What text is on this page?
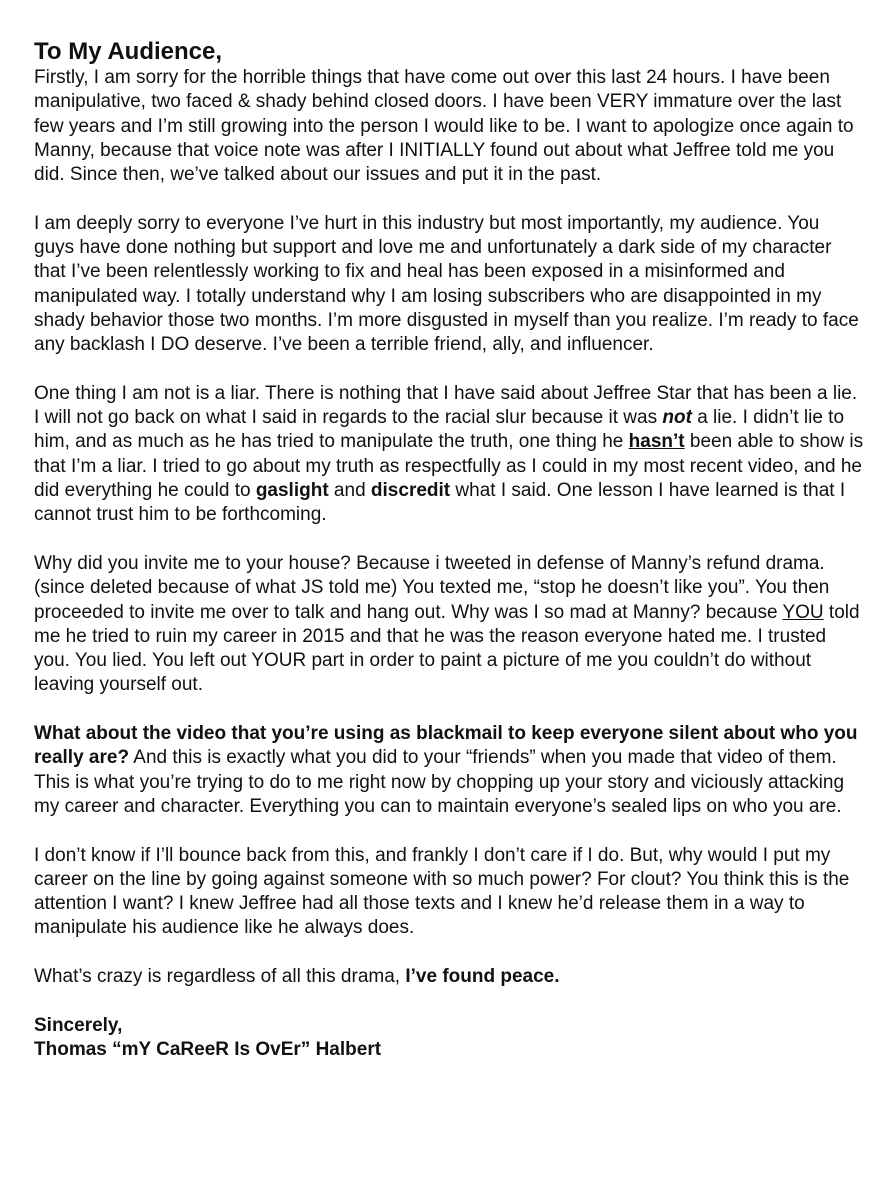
To My Audience,

Firstly, I am sorry for the horrible things that have come out over this last 24 hours. I have been manipulative, two faced & shady behind closed doors. I have been VERY immature over the last few years and I’m still growing into the person I would like to be. I want to apologize once again to Manny, because that voice note was after I INITIALLY found out about what Jeffree told me you did. Since then, we’ve talked about our issues and put it in the past.

I am deeply sorry to everyone I’ve hurt in this industry but most importantly, my audience. You guys have done nothing but support and love me and unfortunately a dark side of my character that I’ve been relentlessly working to fix and heal has been exposed in a misinformed and manipulated way. I totally understand why I am losing subscribers who are disappointed in my shady behavior those two months. I’m more disgusted in myself than you realize. I’m ready to face any backlash I DO deserve. I’ve been a terrible friend, ally, and influencer.

One thing I am not is a liar. There is nothing that I have said about Jeffree Star that has been a lie. I will not go back on what I said in regards to the racial slur because it was not a lie. I didn’t lie to him, and as much as he has tried to manipulate the truth, one thing he hasn’t been able to show is that I’m a liar. I tried to go about my truth as respectfully as I could in my most recent video, and he did everything he could to gaslight and discredit what I said. One lesson I have learned is that I cannot trust him to be forthcoming.

Why did you invite me to your house? Because i tweeted in defense of Manny’s refund drama. (since deleted because of what JS told me) You texted me, “stop he doesn’t like you”. You then proceeded to invite me over to talk and hang out. Why was I so mad at Manny? because YOU told me he tried to ruin my career in 2015 and that he was the reason everyone hated me. I trusted you. You lied. You left out YOUR part in order to paint a picture of me you couldn’t do without leaving yourself out.

What about the video that you’re using as blackmail to keep everyone silent about who you really are? And this is exactly what you did to your “friends” when you made that video of them. This is what you’re trying to do to me right now by chopping up your story and viciously attacking my career and character. Everything you can to maintain everyone’s sealed lips on who you are.

I don’t know if I’ll bounce back from this, and frankly I don’t care if I do. But, why would I put my career on the line by going against someone with so much power? For clout? You think this is the attention I want? I knew Jeffree had all those texts and I knew he’d release them in a way to manipulate his audience like he always does.

What’s crazy is regardless of all this drama, I’ve found peace.

Sincerely,
Thomas “mY CaReeR Is OvEr” Halbert
